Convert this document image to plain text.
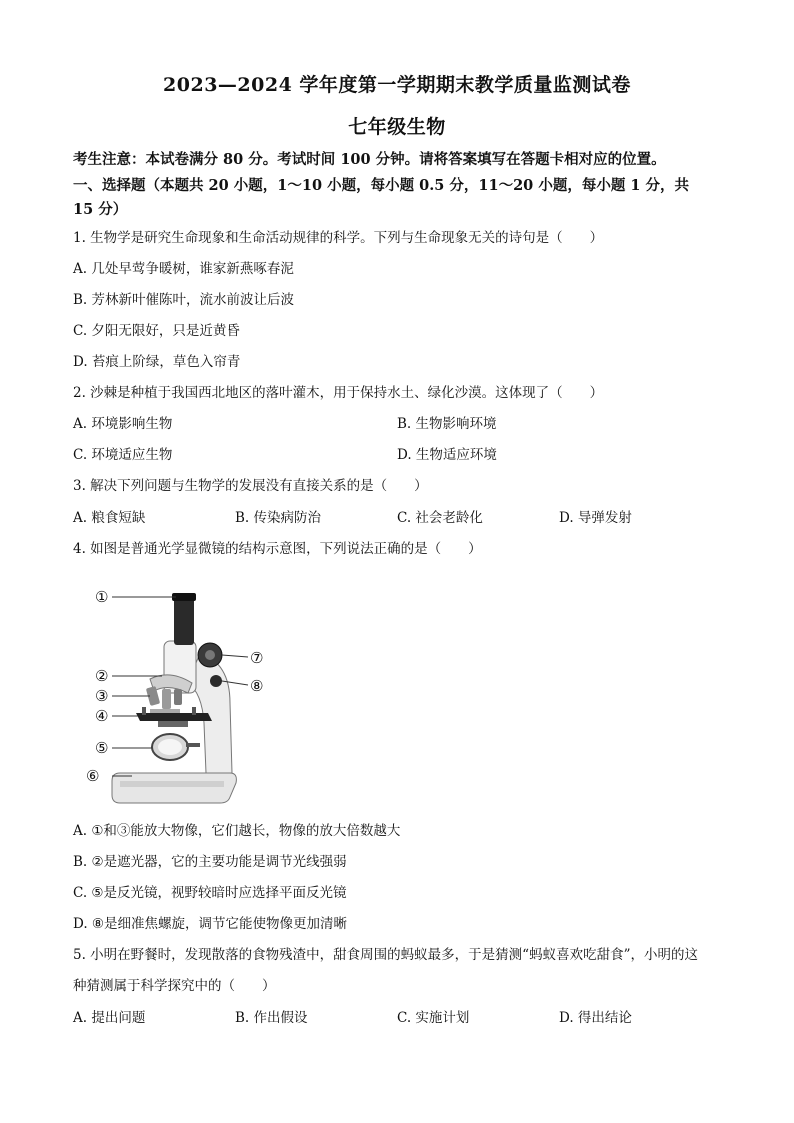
2023—2024 学年度第一学期期末教学质量监测试卷
七年级生物
考生注意：本试卷满分 80 分。考试时间 100 分钟。请将答案填写在答题卡相对应的位置。
一、选择题（本题共 20 小题，1～10 小题，每小题 0.5 分，11～20 小题，每小题 1 分，共
15 分）
1. 生物学是研究生命现象和生命活动规律的科学。下列与生命现象无关的诗句是（　　）
A. 几处早莺争暖树，谁家新燕啄春泥
B. 芳林新叶催陈叶，流水前波让后波
C. 夕阳无限好，只是近黄昏
D. 苔痕上阶绿，草色入帘青
2. 沙棘是种植于我国西北地区的落叶灌木，用于保持水土、绿化沙漠。这体现了（　　）
A. 环境影响生物	B. 生物影响环境
C. 环境适应生物	D. 生物适应环境
3. 解决下列问题与生物学的发展没有直接关系的是（　　）
A. 粮食短缺	B. 传染病防治	C. 社会老龄化	D. 导弹发射
4. 如图是普通光学显微镜的结构示意图，下列说法正确的是（　　）
①
②
③
④
⑤
⑥
⑦
⑧
A. ①和③能放大物像，它们越长，物像的放大倍数越大
B. ②是遮光器，它的主要功能是调节光线强弱
C. ⑤是反光镜，视野较暗时应选择平面反光镜
D. ⑧是细准焦螺旋，调节它能使物像更加清晰
5. 小明在野餐时，发现散落的食物残渣中，甜食周围的蚂蚁最多，于是猜测“蚂蚁喜欢吃甜食”，小明的这
种猜测属于科学探究中的（　　）
A. 提出问题	B. 作出假设	C. 实施计划	D. 得出结论
